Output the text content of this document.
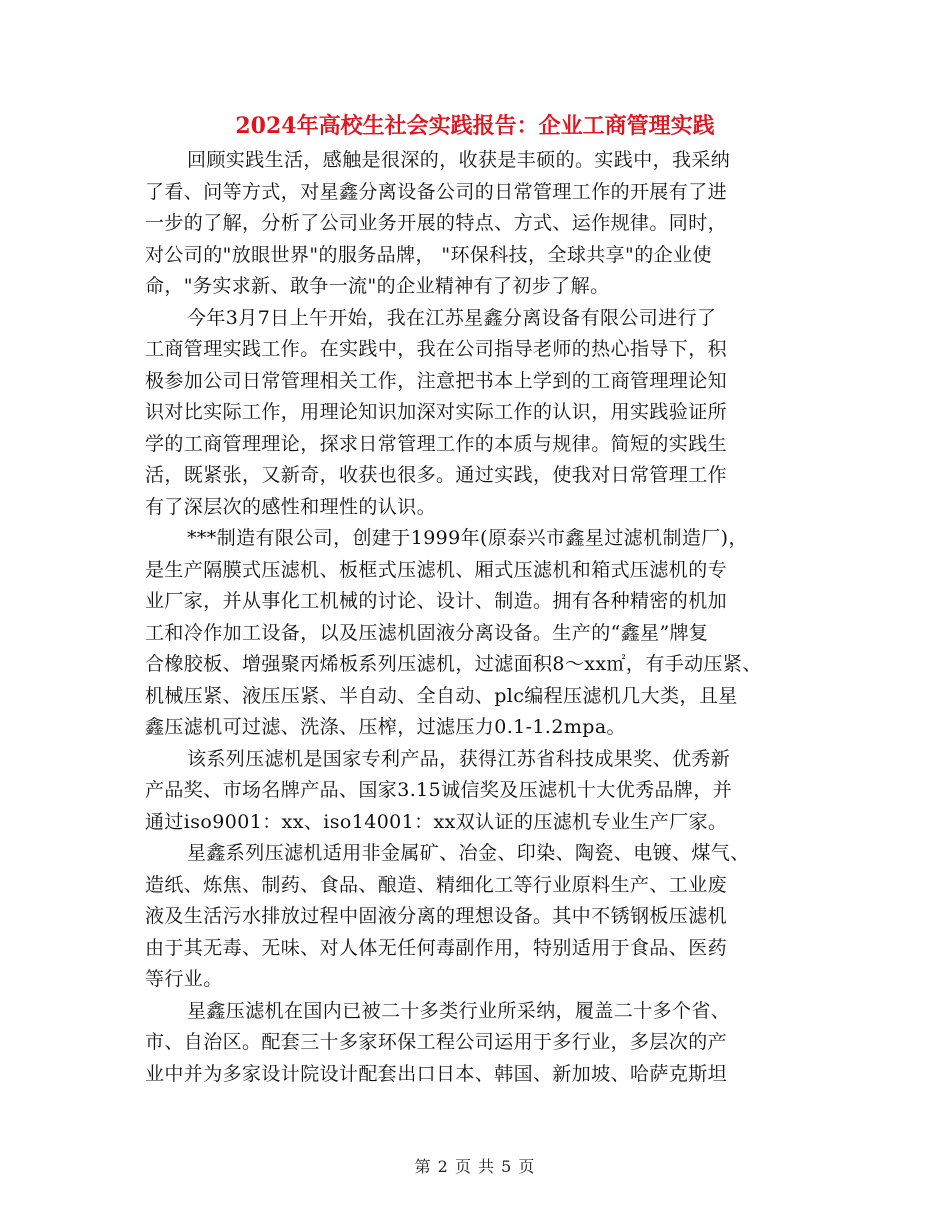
2024年高校生社会实践报告：企业工商管理实践

回顾实践生活，感触是很深的，收获是丰硕的。实践中，我采纳
了看、问等方式，对星鑫分离设备公司的日常管理工作的开展有了进
一步的了解，分析了公司业务开展的特点、方式、运作规律。同时，
对公司的"放眼世界"的服务品牌， "环保科技，全球共享"的企业使
命，"务实求新、敢争一流"的企业精神有了初步了解。

今年3月7日上午开始，我在江苏星鑫分离设备有限公司进行了
工商管理实践工作。在实践中，我在公司指导老师的热心指导下，积
极参加公司日常管理相关工作，注意把书本上学到的工商管理理论知
识对比实际工作，用理论知识加深对实际工作的认识，用实践验证所
学的工商管理理论，探求日常管理工作的本质与规律。简短的实践生
活，既紧张，又新奇，收获也很多。通过实践，使我对日常管理工作
有了深层次的感性和理性的认识。

***制造有限公司，创建于1999年(原泰兴市鑫星过滤机制造厂)，
是生产隔膜式压滤机、板框式压滤机、厢式压滤机和箱式压滤机的专
业厂家，并从事化工机械的讨论、设计、制造。拥有各种精密的机加
工和冷作加工设备，以及压滤机固液分离设备。生产的“鑫星”牌复
合橡胶板、增强聚丙烯板系列压滤机，过滤面积8～xx㎡，有手动压紧、
机械压紧、液压压紧、半自动、全自动、plc编程压滤机几大类，且星
鑫压滤机可过滤、洗涤、压榨，过滤压力0.1-1.2mpa。

该系列压滤机是国家专利产品，获得江苏省科技成果奖、优秀新
产品奖、市场名牌产品、国家3.15诚信奖及压滤机十大优秀品牌，并
通过iso9001：xx、iso14001：xx双认证的压滤机专业生产厂家。

星鑫系列压滤机适用非金属矿、冶金、印染、陶瓷、电镀、煤气、
造纸、炼焦、制药、食品、酿造、精细化工等行业原料生产、工业废
液及生活污水排放过程中固液分离的理想设备。其中不锈钢板压滤机
由于其无毒、无味、对人体无任何毒副作用，特别适用于食品、医药
等行业。

星鑫压滤机在国内已被二十多类行业所采纳，履盖二十多个省、
市、自治区。配套三十多家环保工程公司运用于多行业，多层次的产
业中并为多家设计院设计配套出口日本、韩国、新加坡、哈萨克斯坦

第 2 页 共 5 页
